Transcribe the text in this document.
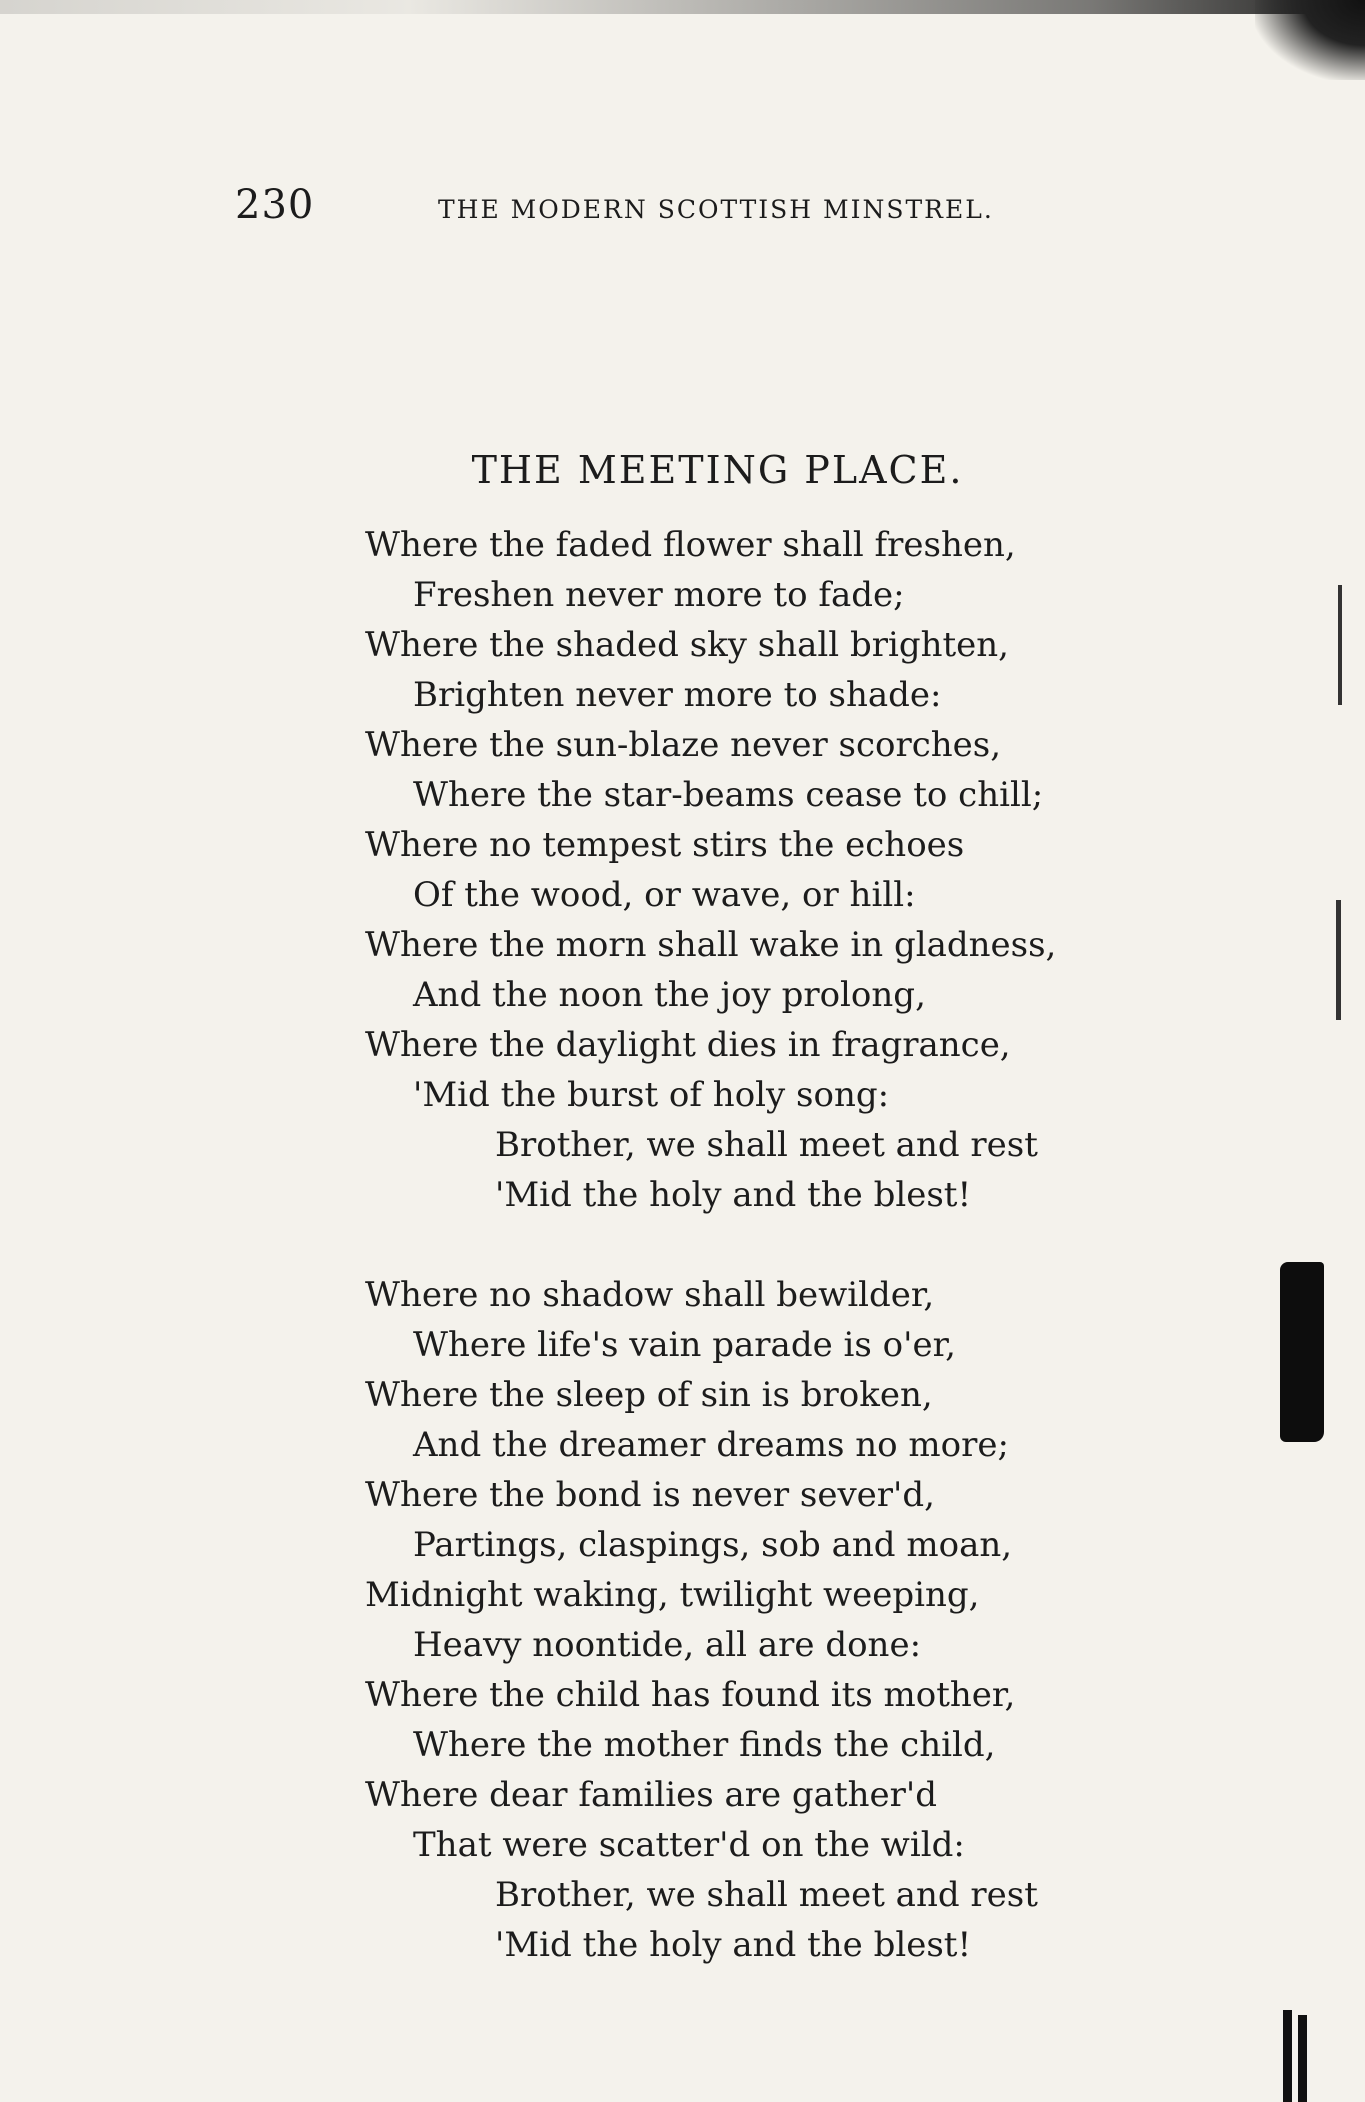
230	THE MODERN SCOTTISH MINSTREL.
THE MEETING PLACE.
Where the faded flower shall freshen,
Freshen never more to fade;
Where the shaded sky shall brighten,
Brighten never more to shade:
Where the sun-blaze never scorches,
Where the star-beams cease to chill;
Where no tempest stirs the echoes
Of the wood, or wave, or hill:
Where the morn shall wake in gladness,
And the noon the joy prolong,
Where the daylight dies in fragrance,
'Mid the burst of holy song:
Brother, we shall meet and rest
'Mid the holy and the blest!
Where no shadow shall bewilder,
Where life's vain parade is o'er,
Where the sleep of sin is broken,
And the dreamer dreams no more;
Where the bond is never sever'd,
Partings, claspings, sob and moan,
Midnight waking, twilight weeping,
Heavy noontide, all are done:
Where the child has found its mother,
Where the mother finds the child,
Where dear families are gather'd
That were scatter'd on the wild:
Brother, we shall meet and rest
'Mid the holy and the blest!
